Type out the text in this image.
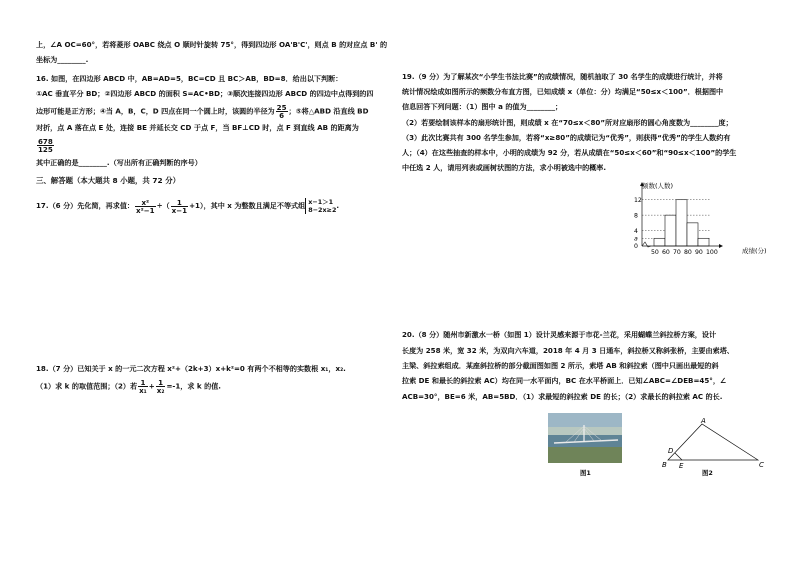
上，∠A OC=60°，若将菱形 OABC 绕点 O 顺时针旋转 75°，得到四边形 OA'B'C'，则点 B 的对应点 B' 的
坐标为________.
16. 如图，在四边形 ABCD 中，AB=AD=5，BC=CD 且 BC＞AB，BD=8．给出以下判断：
①AC 垂直平分 BD；②四边形 ABCD 的面积 S=AC•BD；③顺次连接四边形 ABCD 的四边中点得到的四
边形可能是正方形；④当 A，B，C，D 四点在同一个圆上时，该圆的半径为 $\frac{25}{6}$ ；⑤将△ABD 沿直线 BD
对折，点 A 落在点 E 处，连接 BE 并延长交 CD 于点 F，当 BF⊥CD 时，点 F 到直线 AB 的距离为
$\frac{678}{125}$
其中正确的是________.（写出所有正确判断的序号）
三、解答题（本大题共 8 小题，共 72 分）
17.（6 分）先化简，再求值： $\frac{\text{x²}}{\text{x²−1}}$ ÷（ $\frac{1}{x-1} +1$），其中 x 为整数且满足不等式组 x−1＞1
8−2x≥2 .
18.（7 分）已知关于 x 的一元二次方程 x²+（2k+3）x+k²=0 有两个不相等的实数根 x₁，x₂.
（1）求 k 的取值范围；（2）若 $\frac{1}{\text{x₁}} + \frac{1}{\text{x₂}} =-1$，求 k 的值.
19.（9 分）为了解某次“小学生书法比赛”的成绩情况，随机抽取了 30 名学生的成绩进行统计，并将
统计情况绘成如图所示的频数分布直方图，已知成绩 x（单位：分）均满足“50≤x＜100”．根据图中
信息回答下列问题：（1）图中 a 的值为________；
（2）若要绘制该样本的扇形统计图，则成绩 x 在“70≤x＜80”所对应扇形的圆心角度数为________度；
（3）此次比赛共有 300 名学生参加，若将“x≥80”的成绩记为“优秀”，则获得“优秀”的学生人数约有
人；（4）在这些抽查的样本中，小明的成绩为 92 分，若从成绩在“50≤x＜60”和“90≤x＜100”的学生
中任选 2 人，请用列表或画树状图的方法，求小明被选中的概率.
20.（8 分）随州市新激水一桥（如图 1）设计灵感来源于市花-兰花，采用蝴蝶兰斜拉桥方案，设计
长度为 258 米，宽 32 米，为双向六车道，2018 年 4 月 3 日通车，斜拉桥又称斜张桥，主要由索塔、
主梁、斜拉索组成．某座斜拉桥的部分截面图如图 2 所示，索塔 AB 和斜拉索（图中只画出最短的斜
拉索 DE 和最长的斜拉索 AC）均在同一水平面内，BC 在水平桥面上．已知∠ABC=∠DEB=45°，∠
ACB=30°，BE=6 米，AB=5BD．（1）求最短的斜拉索 DE 的长；（2）求最长的斜拉索 AC 的长.
图1
A
B	C
D
E
图2
0
a
4
8
12
50 60 70 80 90 100
频数(人数)
成绩(分)
